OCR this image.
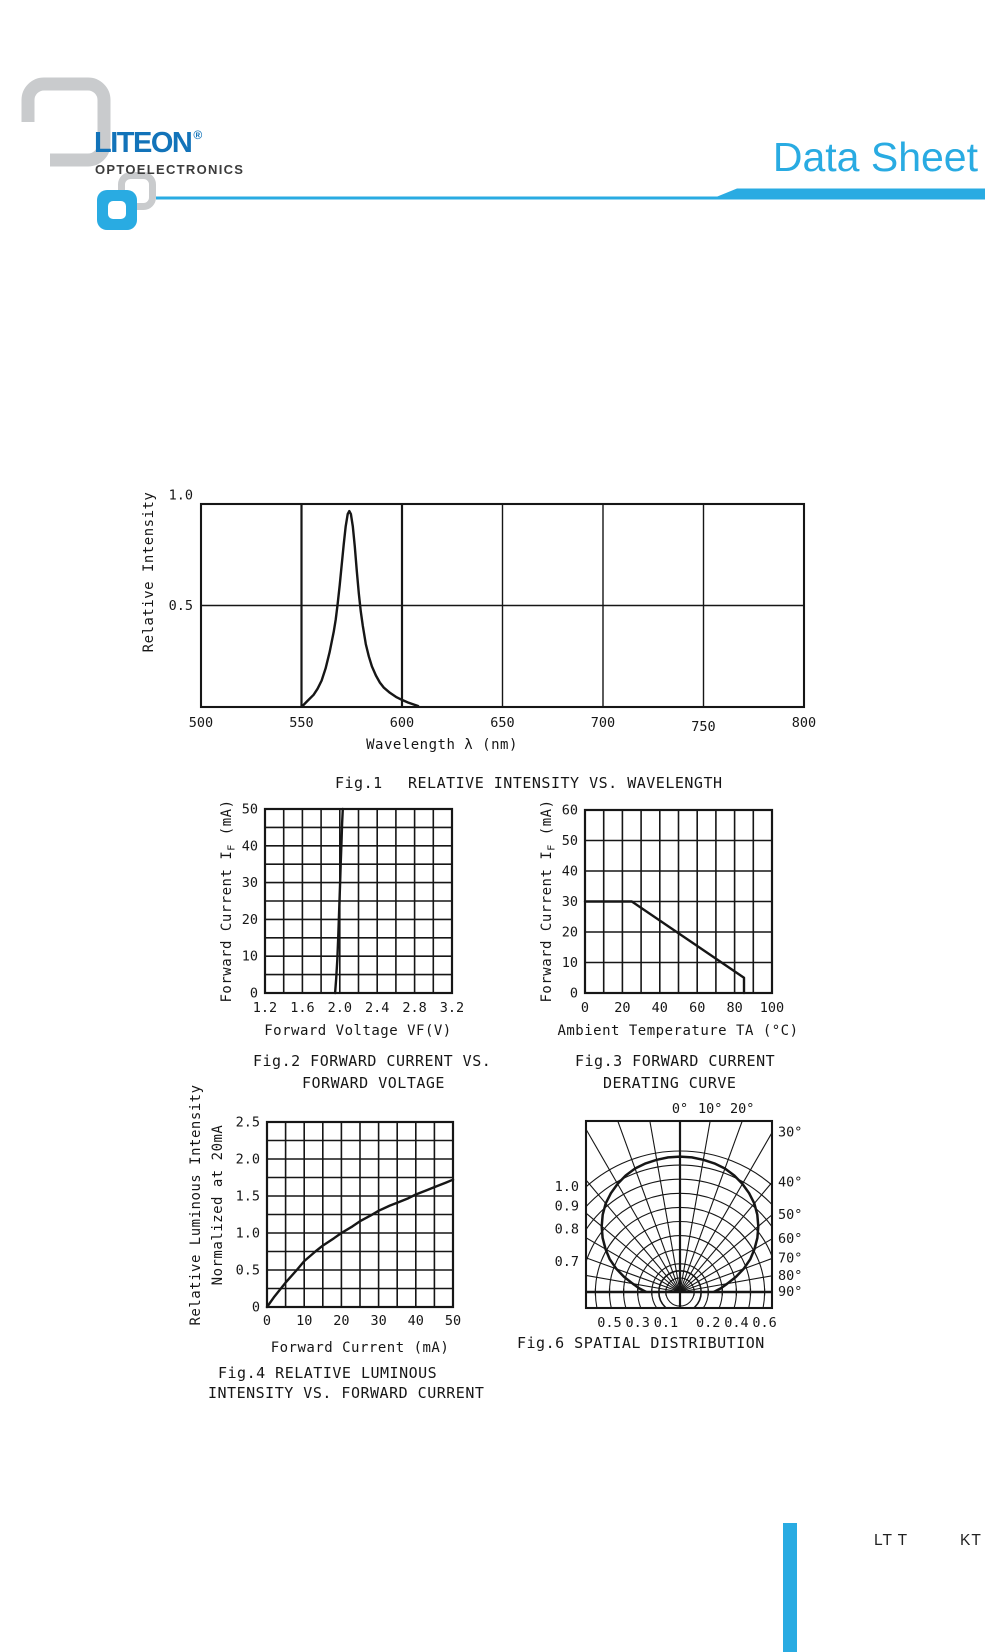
LITEON ®
OPTOELECTRONICS	Data Sheet
500	550	600	650	700	750	800
1.0
0.5
Wavelength λ (nm)
Relative Intensity
Fig.1 RELATIVE INTENSITY VS. WAVELENGTH
1.2 1.6 2.0 2.4 2.8 3.2
0
10
20
30
40
50
Forward Voltage VF(V)
Forward Current $I_F$ (mA)
Fig.2 FORWARD CURRENT VS.
FORWARD VOLTAGE
0 20 40 60 80 100
0
10
20
30
40
50
60
Ambient Temperature TA (°C)
Forward Current $I_F$ (mA)
Fig.3 FORWARD CURRENT
DERATING CURVE
0 10 20 30 40 50
0
0.5
1.0
1.5
2.0
2.5
Forward Current (mA)
Relative Luminous Intensity Normalized at 20mA
Fig.4 RELATIVE LUMINOUS
INTENSITY VS. FORWARD CURRENT
0° 10° 20°
30°
40°
50°
60°
70°
80°
90°
1.0
0.9
0.8
0.7
0.5 0.3 0.1 0.2 0.4 0.6
Fig.6 SPATIAL DISTRIBUTION
LT T	KT
